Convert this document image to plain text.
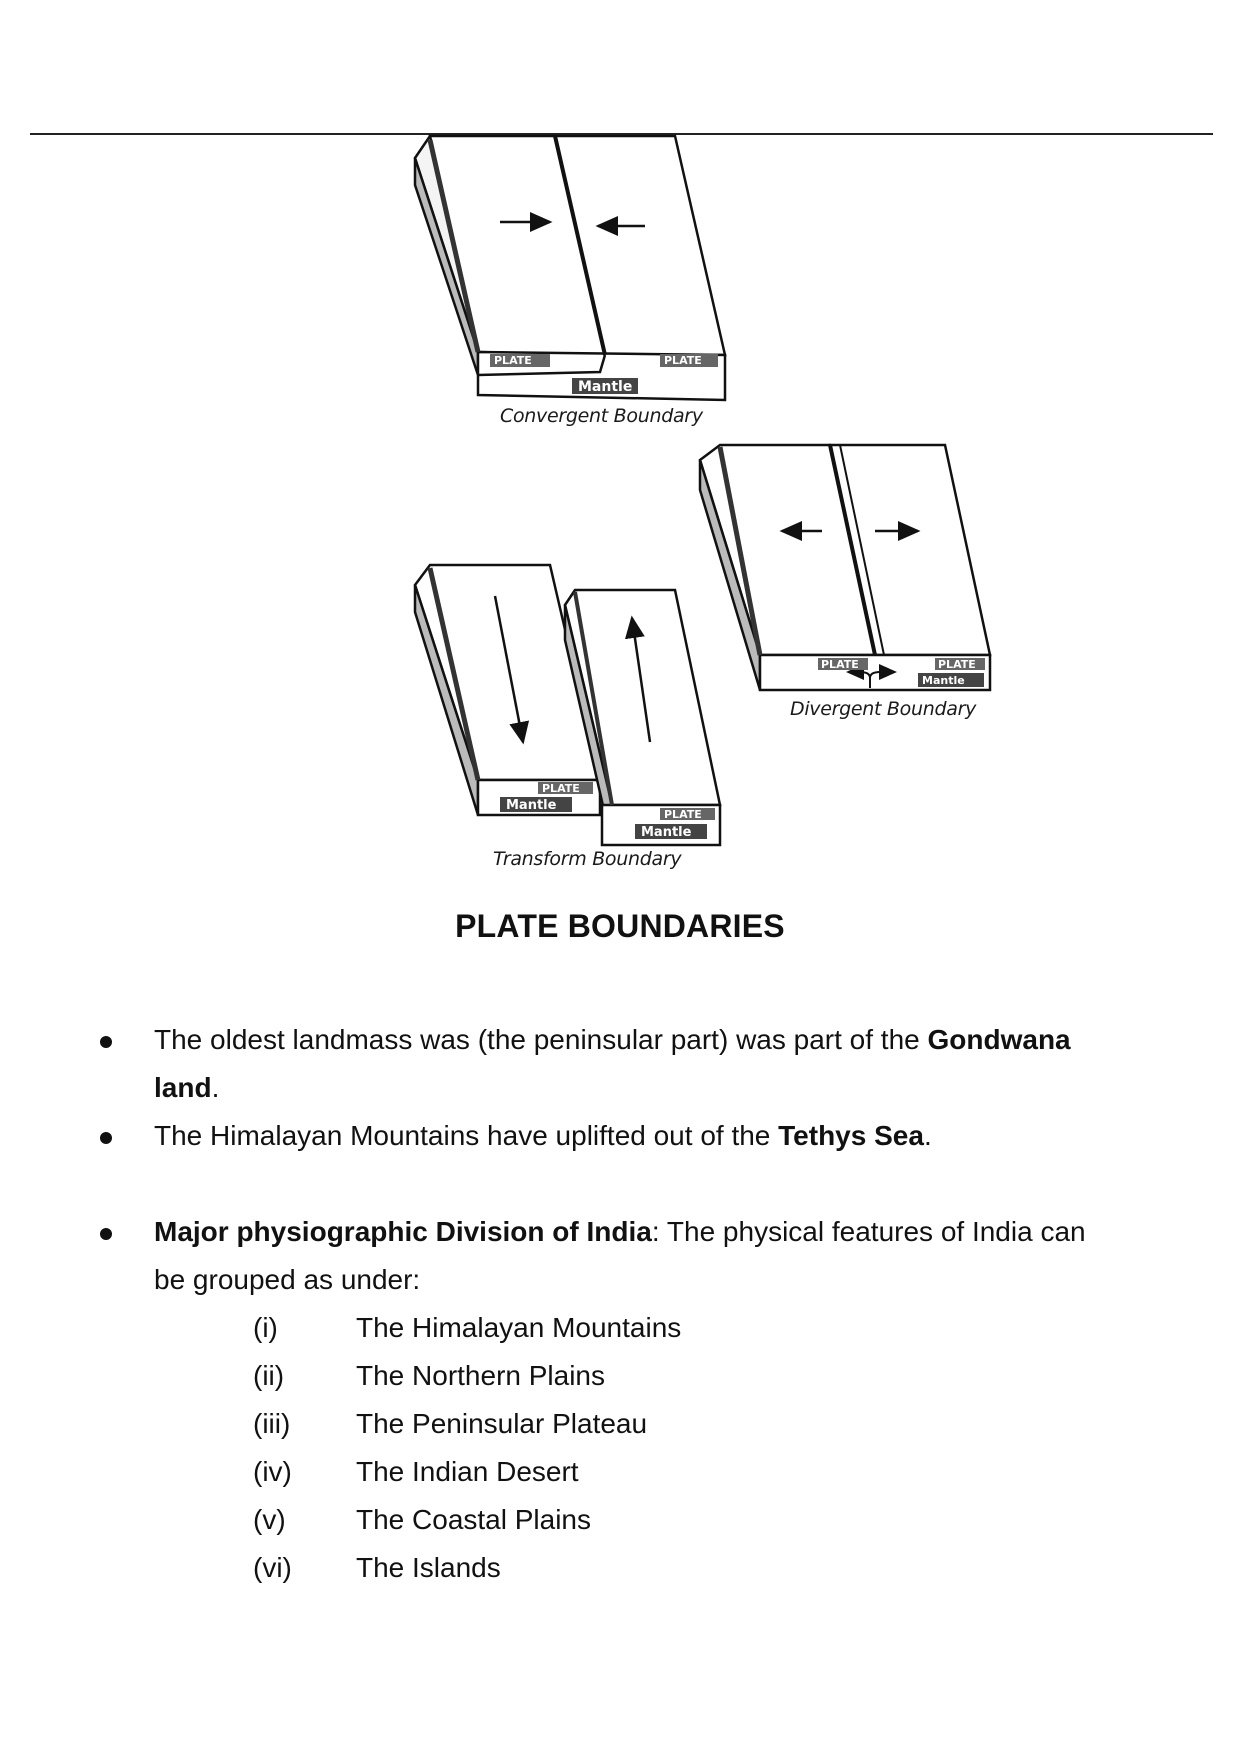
PLATE	PLATE
Mantle
PLATE	PLATE
Mantle
PLATE
Mantle
PLATE
Mantle
Convergent Boundary
Divergent Boundary
Transform Boundary
PLATE BOUNDARIES
The oldest landmass was (the peninsular part) was part of the Gondwana
land.
The Himalayan Mountains have uplifted out of the Tethys Sea.
Major physiographic Division of India: The physical features of India can
be grouped as under:
(i)	The Himalayan Mountains
(ii)	The Northern Plains
(iii) The Peninsular Plateau
(iv) The Indian Desert
(v)	The Coastal Plains
(vi) The Islands
